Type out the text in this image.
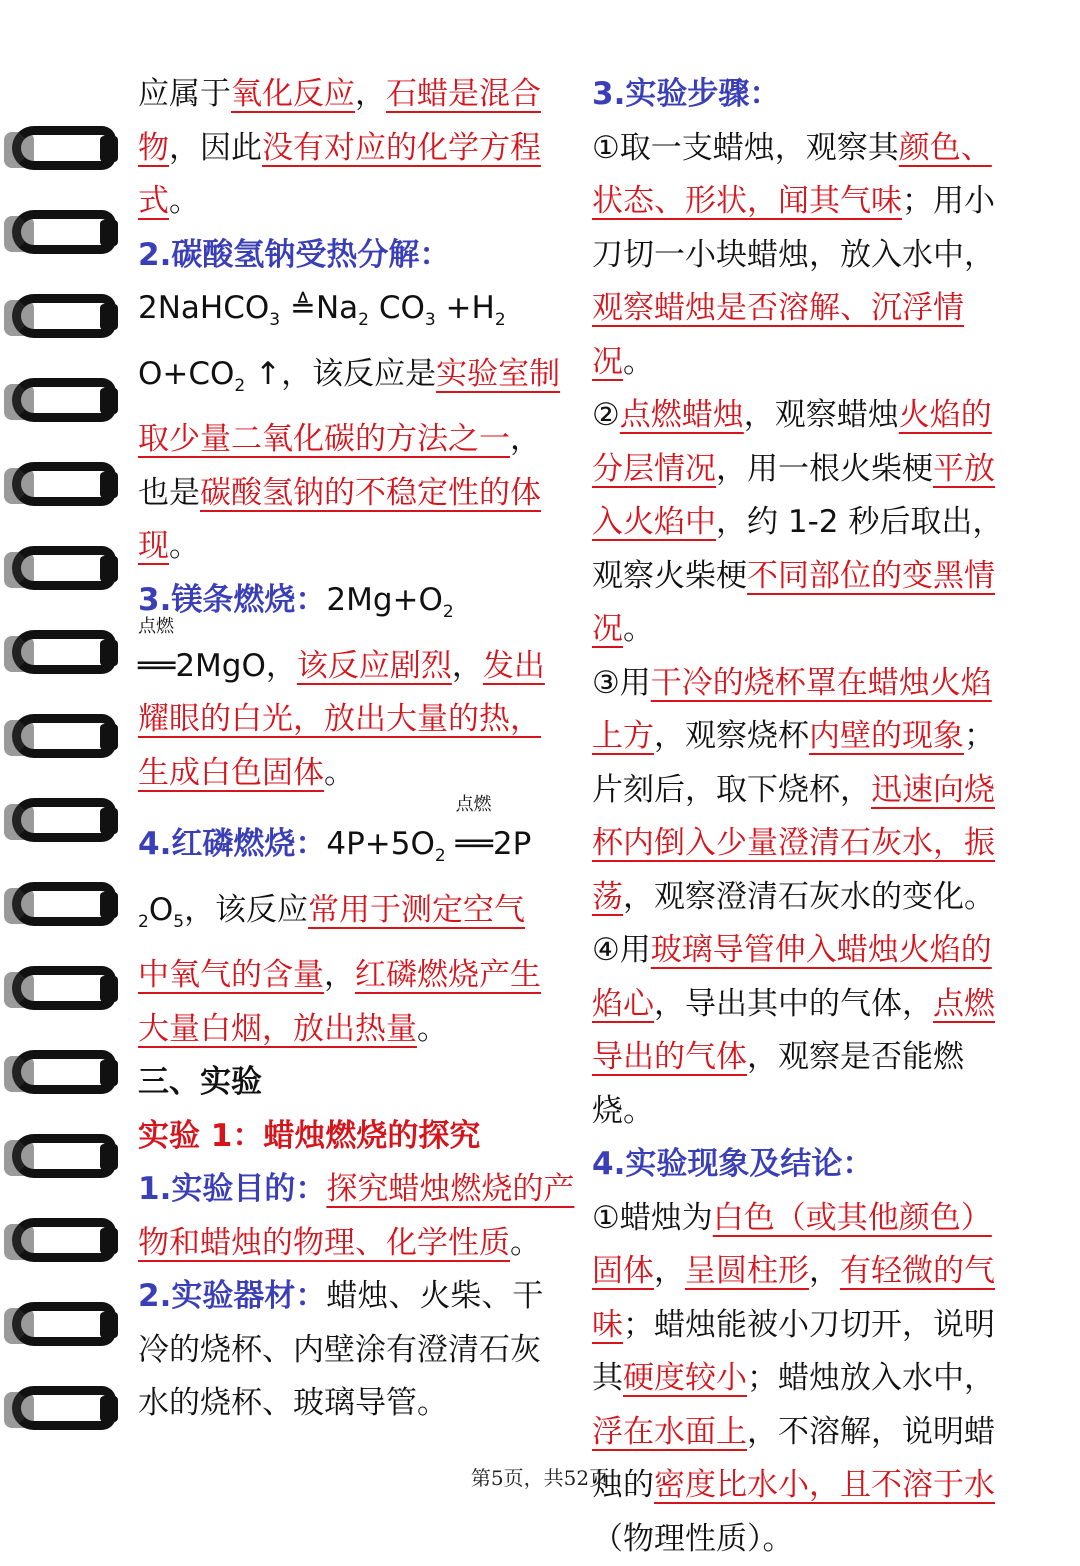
应属于氧化反应，石蜡是混合
物，因此没有对应的化学方程
式。

2.碳酸氢钠受热分解：

2NaHCO$_3$ $≜Na_2$ $CO_3 +H_2$
$O+CO_2$ ↑，该反应是实验室制
取少量二氧化碳的方法之一，
也是碳酸氢钠的不稳定性的体
现。

3.镁条燃烧：$2Mg+O_2$

点燃
══2MgO，该反应剧烈，发出
耀眼的白光，放出大量的热，
生成白色固体。

4.红磷燃烧：$4P+5O_2$
点燃
══2P
$_2O_5$，该反应常用于测定空气
中氧气的含量，红磷燃烧产生
大量白烟，放出热量。

三、实验

实验 1：蜡烛燃烧的探究

1.实验目的：探究蜡烛燃烧的产
物和蜡烛的物理、化学性质。

2.实验器材：蜡烛、火柴、干
冷的烧杯、内壁涂有澄清石灰
水的烧杯、玻璃导管。

3.实验步骤：

①取一支蜡烛，观察其颜色、
状态、形状，闻其气味；用小
刀切一小块蜡烛，放入水中，
观察蜡烛是否溶解、沉浮情况。

②点燃蜡烛，观察蜡烛火焰的
分层情况，用一根火柴梗平放
入火焰中，约 1-2 秒后取出，
观察火柴梗不同部位的变黑情
况。

③用干冷的烧杯罩在蜡烛火焰
上方，观察烧杯内壁的现象；
片刻后，取下烧杯，迅速向烧
杯内倒入少量澄清石灰水，振
荡，观察澄清石灰水的变化。

④用玻璃导管伸入蜡烛火焰的
焰心，导出其中的气体，点燃
导出的气体，观察是否能燃烧。

4.实验现象及结论：

①蜡烛为白色（或其他颜色）
固体，呈圆柱形，有轻微的气
味；蜡烛能被小刀切开，说明
其硬度较小；蜡烛放入水中，
浮在水面上，不溶解，说明蜡
烛的密度比水小，且不溶于水
（物理性质）。

第5页，共52页
